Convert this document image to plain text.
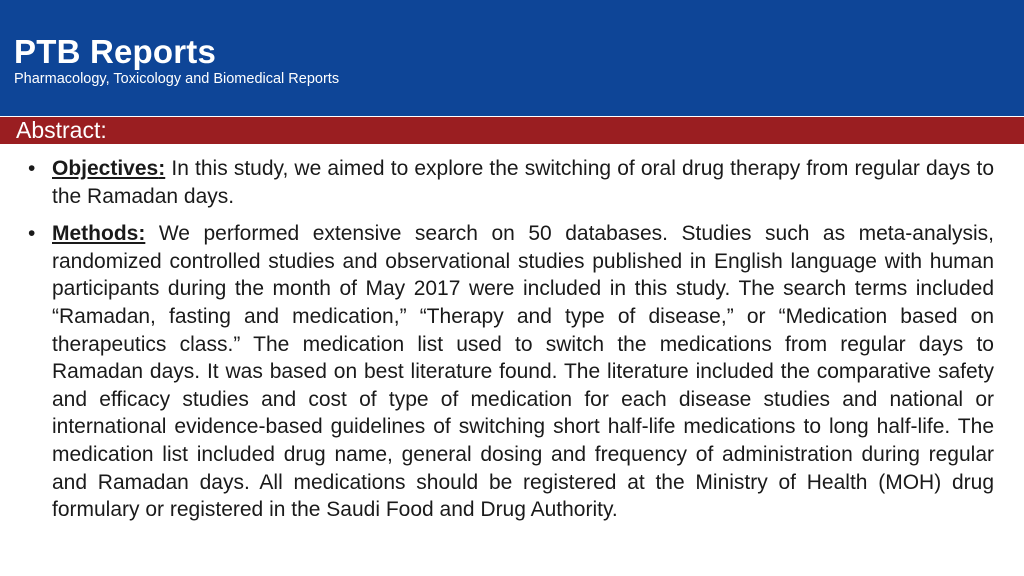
PTB Reports
Pharmacology, Toxicology and Biomedical Reports
Abstract:
• Objectives: In this study, we aimed to explore the switching of oral drug therapy from regular days to the Ramadan days.
• Methods: We performed extensive search on 50 databases. Studies such as meta-analysis, randomized controlled studies and observational studies published in English language with human participants during the month of May 2017 were included in this study. The search terms included “Ramadan, fasting and medication,” “Therapy and type of disease,” or “Medication based on therapeutics class.” The medication list used to switch the medications from regular days to Ramadan days. It was based on best literature found. The literature included the comparative safety and efficacy studies and cost of type of medication for each disease studies and national or international evidence-based guidelines of switching short half-life medications to long half-life. The medication list included drug name, general dosing and frequency of administration during regular and Ramadan days. All medications should be registered at the Ministry of Health (MOH) drug formulary or registered in the Saudi Food and Drug Authority.
